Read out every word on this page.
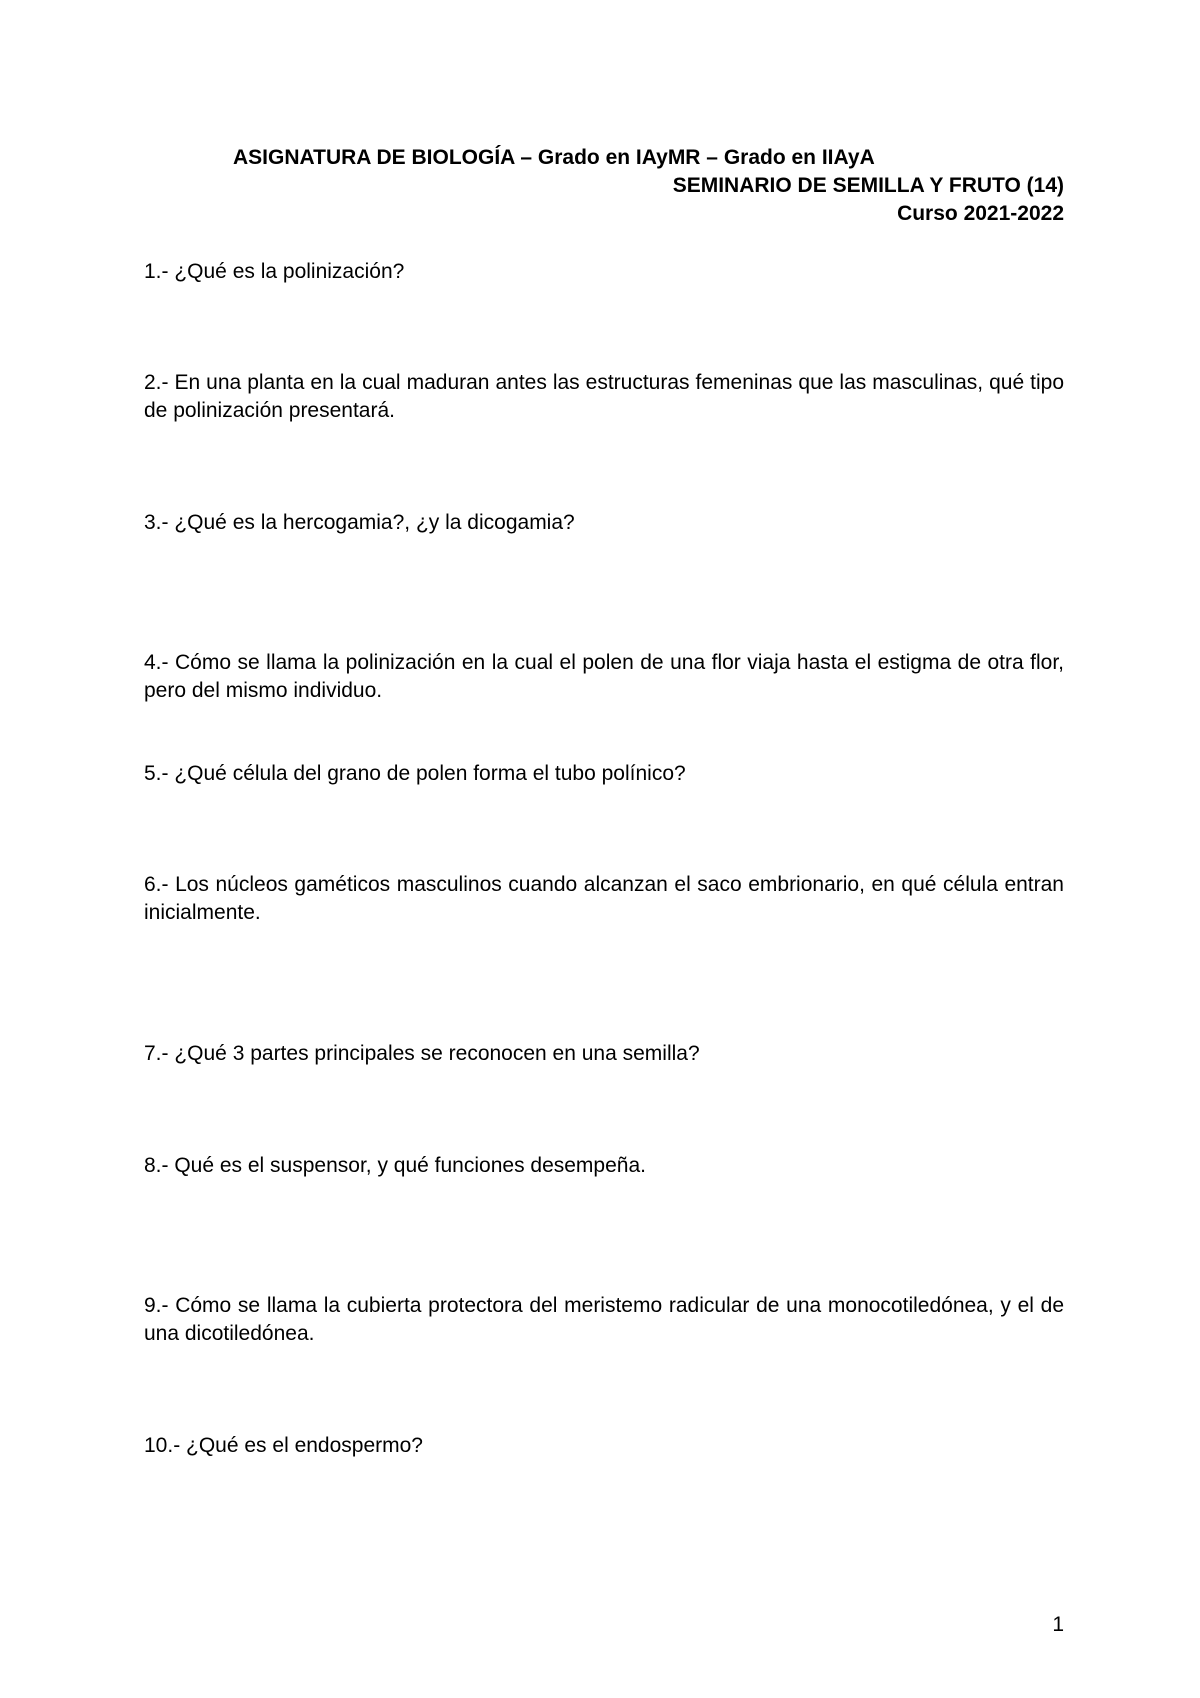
ASIGNATURA DE BIOLOGÍA – Grado en IAyMR – Grado en IIAyA
SEMINARIO DE SEMILLA Y FRUTO (14)
Curso 2021-2022
1.- ¿Qué es la polinización?
2.- En una planta en la cual maduran antes las estructuras femeninas que las masculinas, qué tipo de polinización presentará.
3.- ¿Qué es la hercogamia?, ¿y la dicogamia?
4.- Cómo se llama la polinización en la cual el polen de una flor viaja hasta el estigma de otra flor, pero del mismo individuo.
5.- ¿Qué célula del grano de polen forma el tubo polínico?
6.- Los núcleos gaméticos masculinos cuando alcanzan el saco embrionario, en qué célula entran inicialmente.
7.- ¿Qué 3 partes principales se reconocen en una semilla?
8.- Qué es el suspensor, y qué funciones desempeña.
9.- Cómo se llama la cubierta protectora del meristemo radicular de una monocotiledónea, y el de una dicotiledónea.
10.- ¿Qué es el endospermo?
1
